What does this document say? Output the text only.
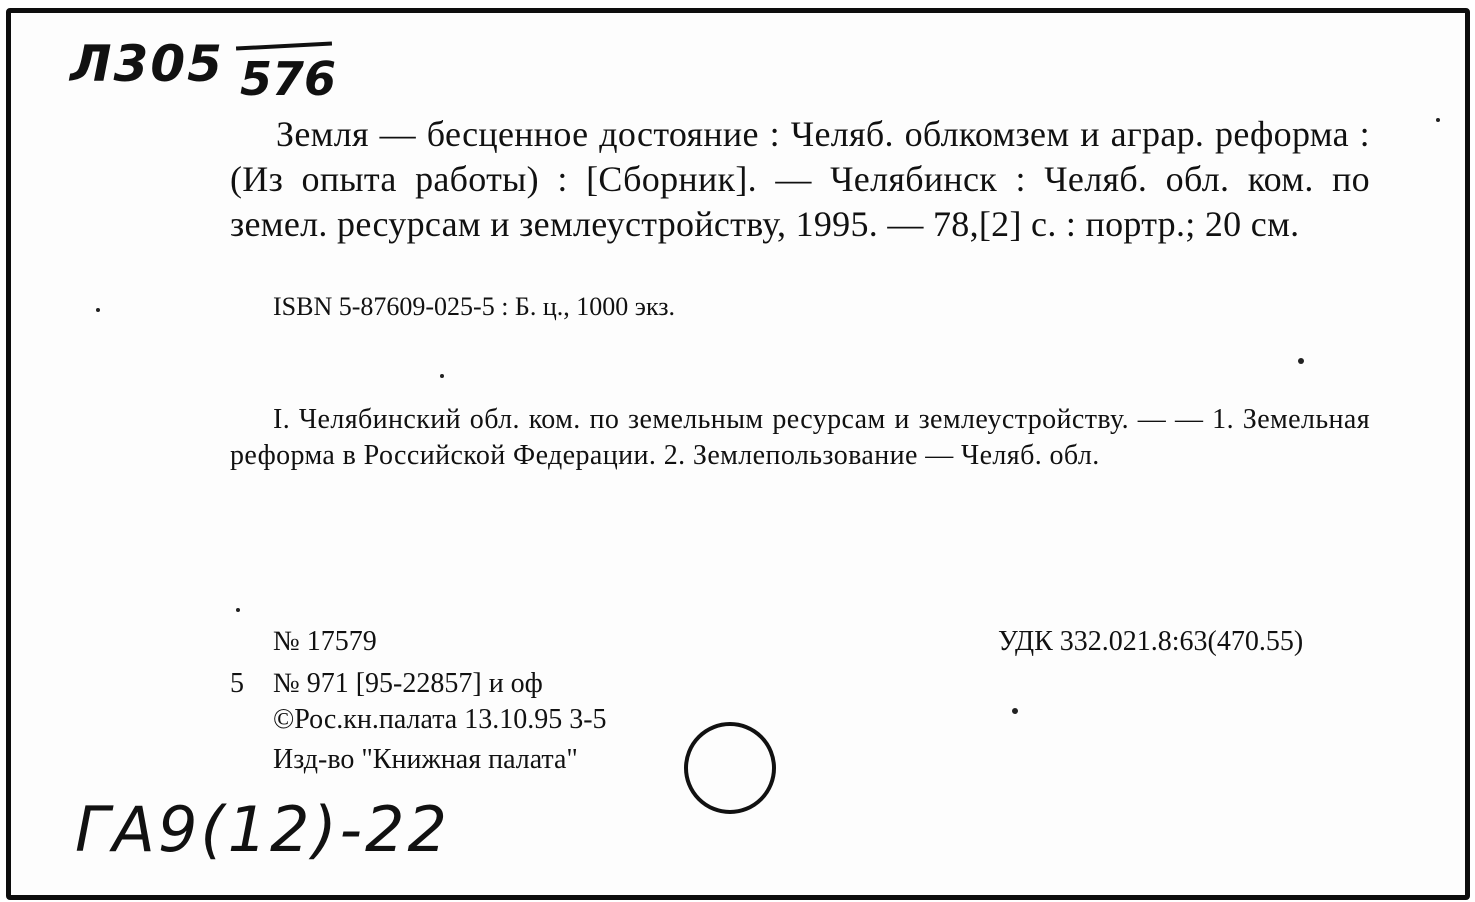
Л305 576
Земля — бесценное достояние : Челяб. облкомзем и аграр. реформа : (Из опыта работы) : [Сборник]. — Челябинск : Челяб. обл. ком. по земел. ресурсам и землеустройству, 1995. — 78,[2] с. : портр.; 20 см.
ISBN 5-87609-025-5 : Б. ц., 1000 экз.
I. Челябинский обл. ком. по земельным ресурсам и землеустройству. — — 1. Земельная реформа в Российской Федерации. 2. Землепользование — Челяб. обл.
№ 17579	УДК 332.021.8:63(470.55)
5	№ 971 [95-22857] и оф
©Рос.кн.палата 13.10.95 3-5
Изд-во "Книжная палата"
ГА9(12)-22
